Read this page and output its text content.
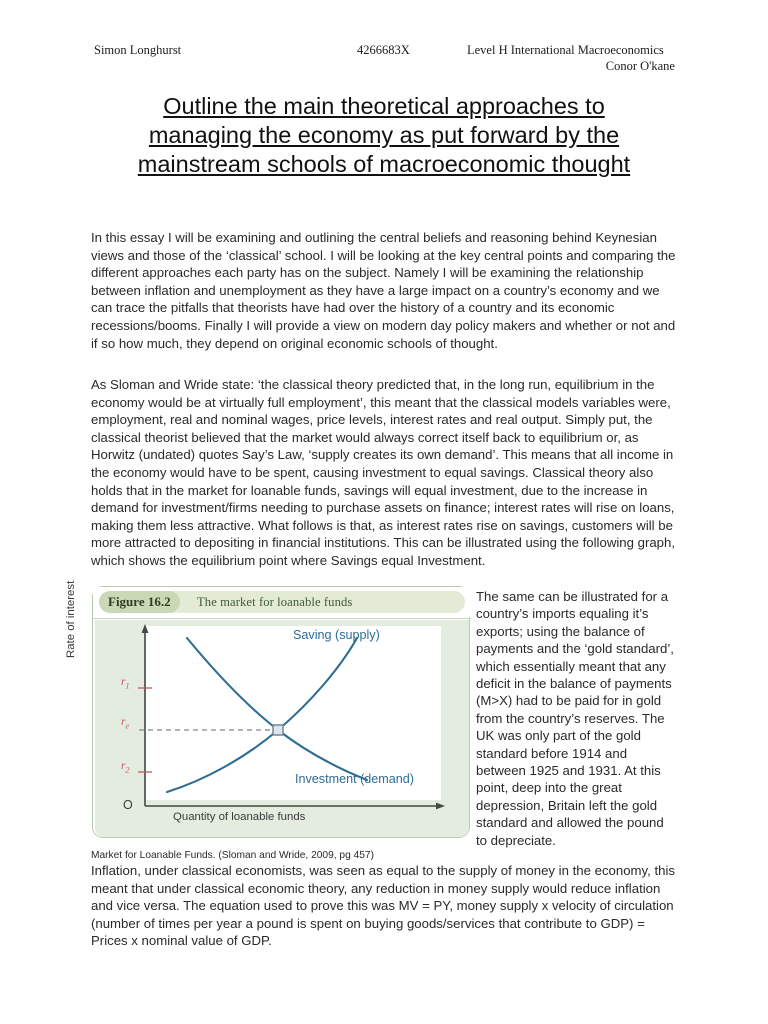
Simon Longhurst	4266683X	Level H International Macroeconomics
Conor O'kane
Outline the main theoretical approaches to
managing the economy as put forward by the
mainstream schools of macroeconomic thought
In this essay I will be examining and outlining the central beliefs and reasoning behind Keynesian views and those of the ‘classical’ school. I will be looking at the key central points and comparing the different approaches each party has on the subject. Namely I will be examining the relationship between inflation and unemployment as they have a large impact on a country’s economy and we can trace the pitfalls that theorists have had over the history of a country and its economic recessions/booms. Finally I will provide a view on modern day policy makers and whether or not and if so how much, they depend on original economic schools of thought.
As Sloman and Wride state: ‘the classical theory predicted that, in the long run, equilibrium in the economy would be at virtually full employment’, this meant that the classical models variables were, employment, real and nominal wages, price levels, interest rates and real output. Simply put, the classical theorist believed that the market would always correct itself back to equilibrium or, as Horwitz (undated) quotes Say’s Law, ‘supply creates its own demand’. This means that all income in the economy would have to be spent, causing investment to equal savings. Classical theory also holds that in the market for loanable funds, savings will equal investment, due to the increase in demand for investment/firms needing to purchase assets on finance; interest rates will rise on loans, making them less attractive. What follows is that, as interest rates rise on savings, customers will be more attracted to depositing in financial institutions. This can be illustrated using the following graph, which shows the equilibrium point where Savings equal Investment.
Figure 16.2	The market for loanable funds
Rate of interest
Quantity of loanable funds
O
$r_1$
$r_e$
$r_2$
Saving (supply)
Investment (demand)
The same can be illustrated for a country’s imports equaling it’s exports; using the balance of payments and the ‘gold standard’, which essentially meant that any deficit in the balance of payments (M>X) had to be paid for in gold from the country’s reserves. The UK was only part of the gold standard before 1914 and between 1925 and 1931. At this point, deep into the great depression, Britain left the gold standard and allowed the pound to depreciate.
Market for Loanable Funds. (Sloman and Wride, 2009, pg 457)
Inflation, under classical economists, was seen as equal to the supply of money in the economy, this meant that under classical economic theory, any reduction in money supply would reduce inflation and vice versa. The equation used to prove this was MV = PY, money supply x velocity of circulation (number of times per year a pound is spent on buying goods/services that contribute to GDP) = Prices x nominal value of GDP.
